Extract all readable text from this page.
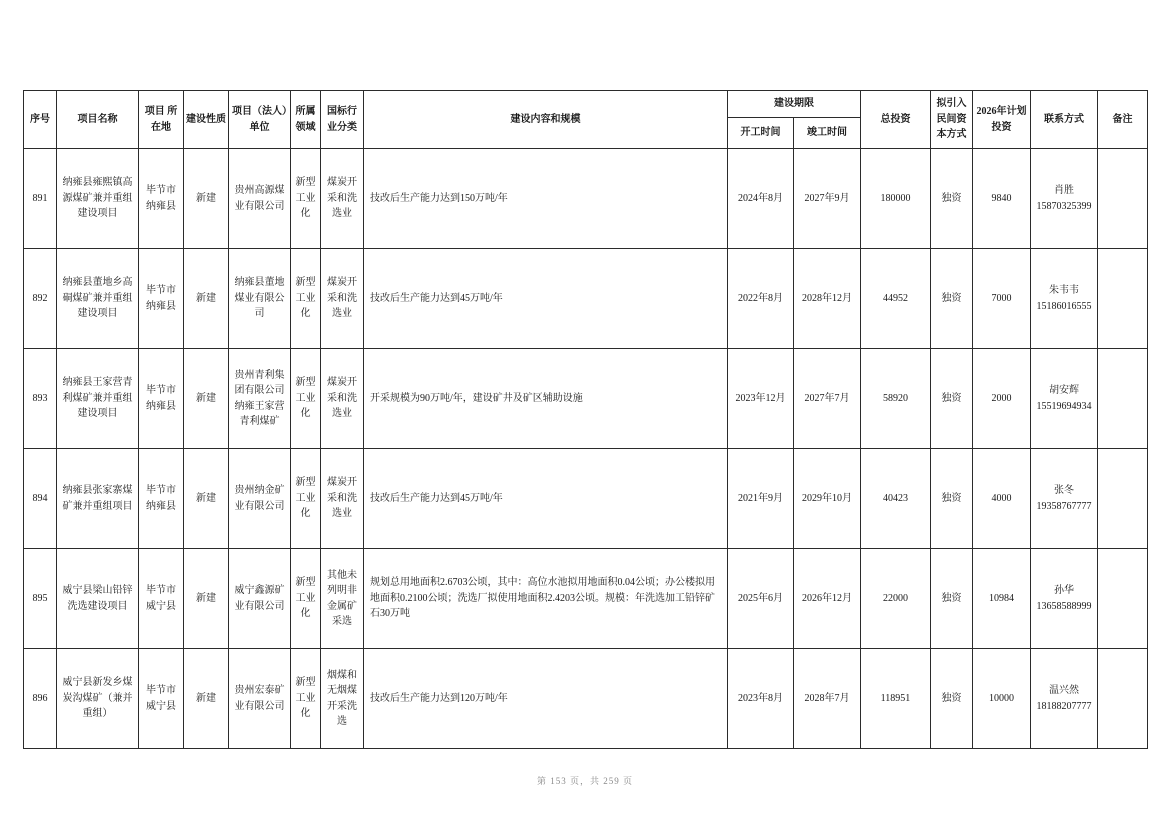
序号	项目名称	项目 所在地	建设性质	项目（法人）单位	所属领域	国标行业分类	建设内容和规模	建设期限		总投资	拟引入民间资本方式	2026年计划投资	联系方式	备注
								开工时间	竣工时间					
891	纳雍县雍熙镇高源煤矿兼并重组建设项目	毕节市纳雍县	新建	贵州高源煤业有限公司	新型工业化	煤炭开采和洗选业	技改后生产能力达到150万吨/年	2024年8月	2027年9月	180000	独资	9840	肖胜
15870325399	

892	纳雍县董地乡高硐煤矿兼并重组建设项目	毕节市纳雍县	新建	纳雍县董地煤业有限公司	新型工业化	煤炭开采和洗选业	技改后生产能力达到45万吨/年	2022年8月	2028年12月	44952	独资	7000	朱韦韦
15186016555	

893	纳雍县王家营青利煤矿兼并重组建设项目	毕节市纳雍县	新建	贵州青利集团有限公司纳雍王家营青利煤矿	新型工业化	煤炭开采和洗选业	开采规模为90万吨/年，建设矿井及矿区辅助设施	2023年12月	2027年7月	58920	独资	2000	胡安辉
15519694934	

894	纳雍县张家寨煤矿兼并重组项目	毕节市纳雍县	新建	贵州纳金矿业有限公司	新型工业化	煤炭开采和洗选业	技改后生产能力达到45万吨/年	2021年9月	2029年10月	40423	独资	4000	张冬
19358767777	

895	威宁县梁山铅锌洗选建设项目	毕节市威宁县	新建	威宁鑫源矿业有限公司	新型工业化	其他未列明非金属矿采选	规划总用地面积2.6703公顷，其中：高位水池拟用地面积0.04公顷；办公楼拟用地面积0.2100公顷；洗选厂拟使用地面积2.4203公顷。规模：年洗选加工铅锌矿石30万吨	2025年6月	2026年12月	22000	独资	10984	孙华
13658588999	

896	威宁县新发乡煤炭沟煤矿（兼并重组）	毕节市威宁县	新建	贵州宏泰矿业有限公司	新型工业化	烟煤和无烟煤开采洗选	技改后生产能力达到120万吨/年	2023年8月	2028年7月	118951	独资	10000	温兴然
18188207777	

第 153 页，共 259 页
